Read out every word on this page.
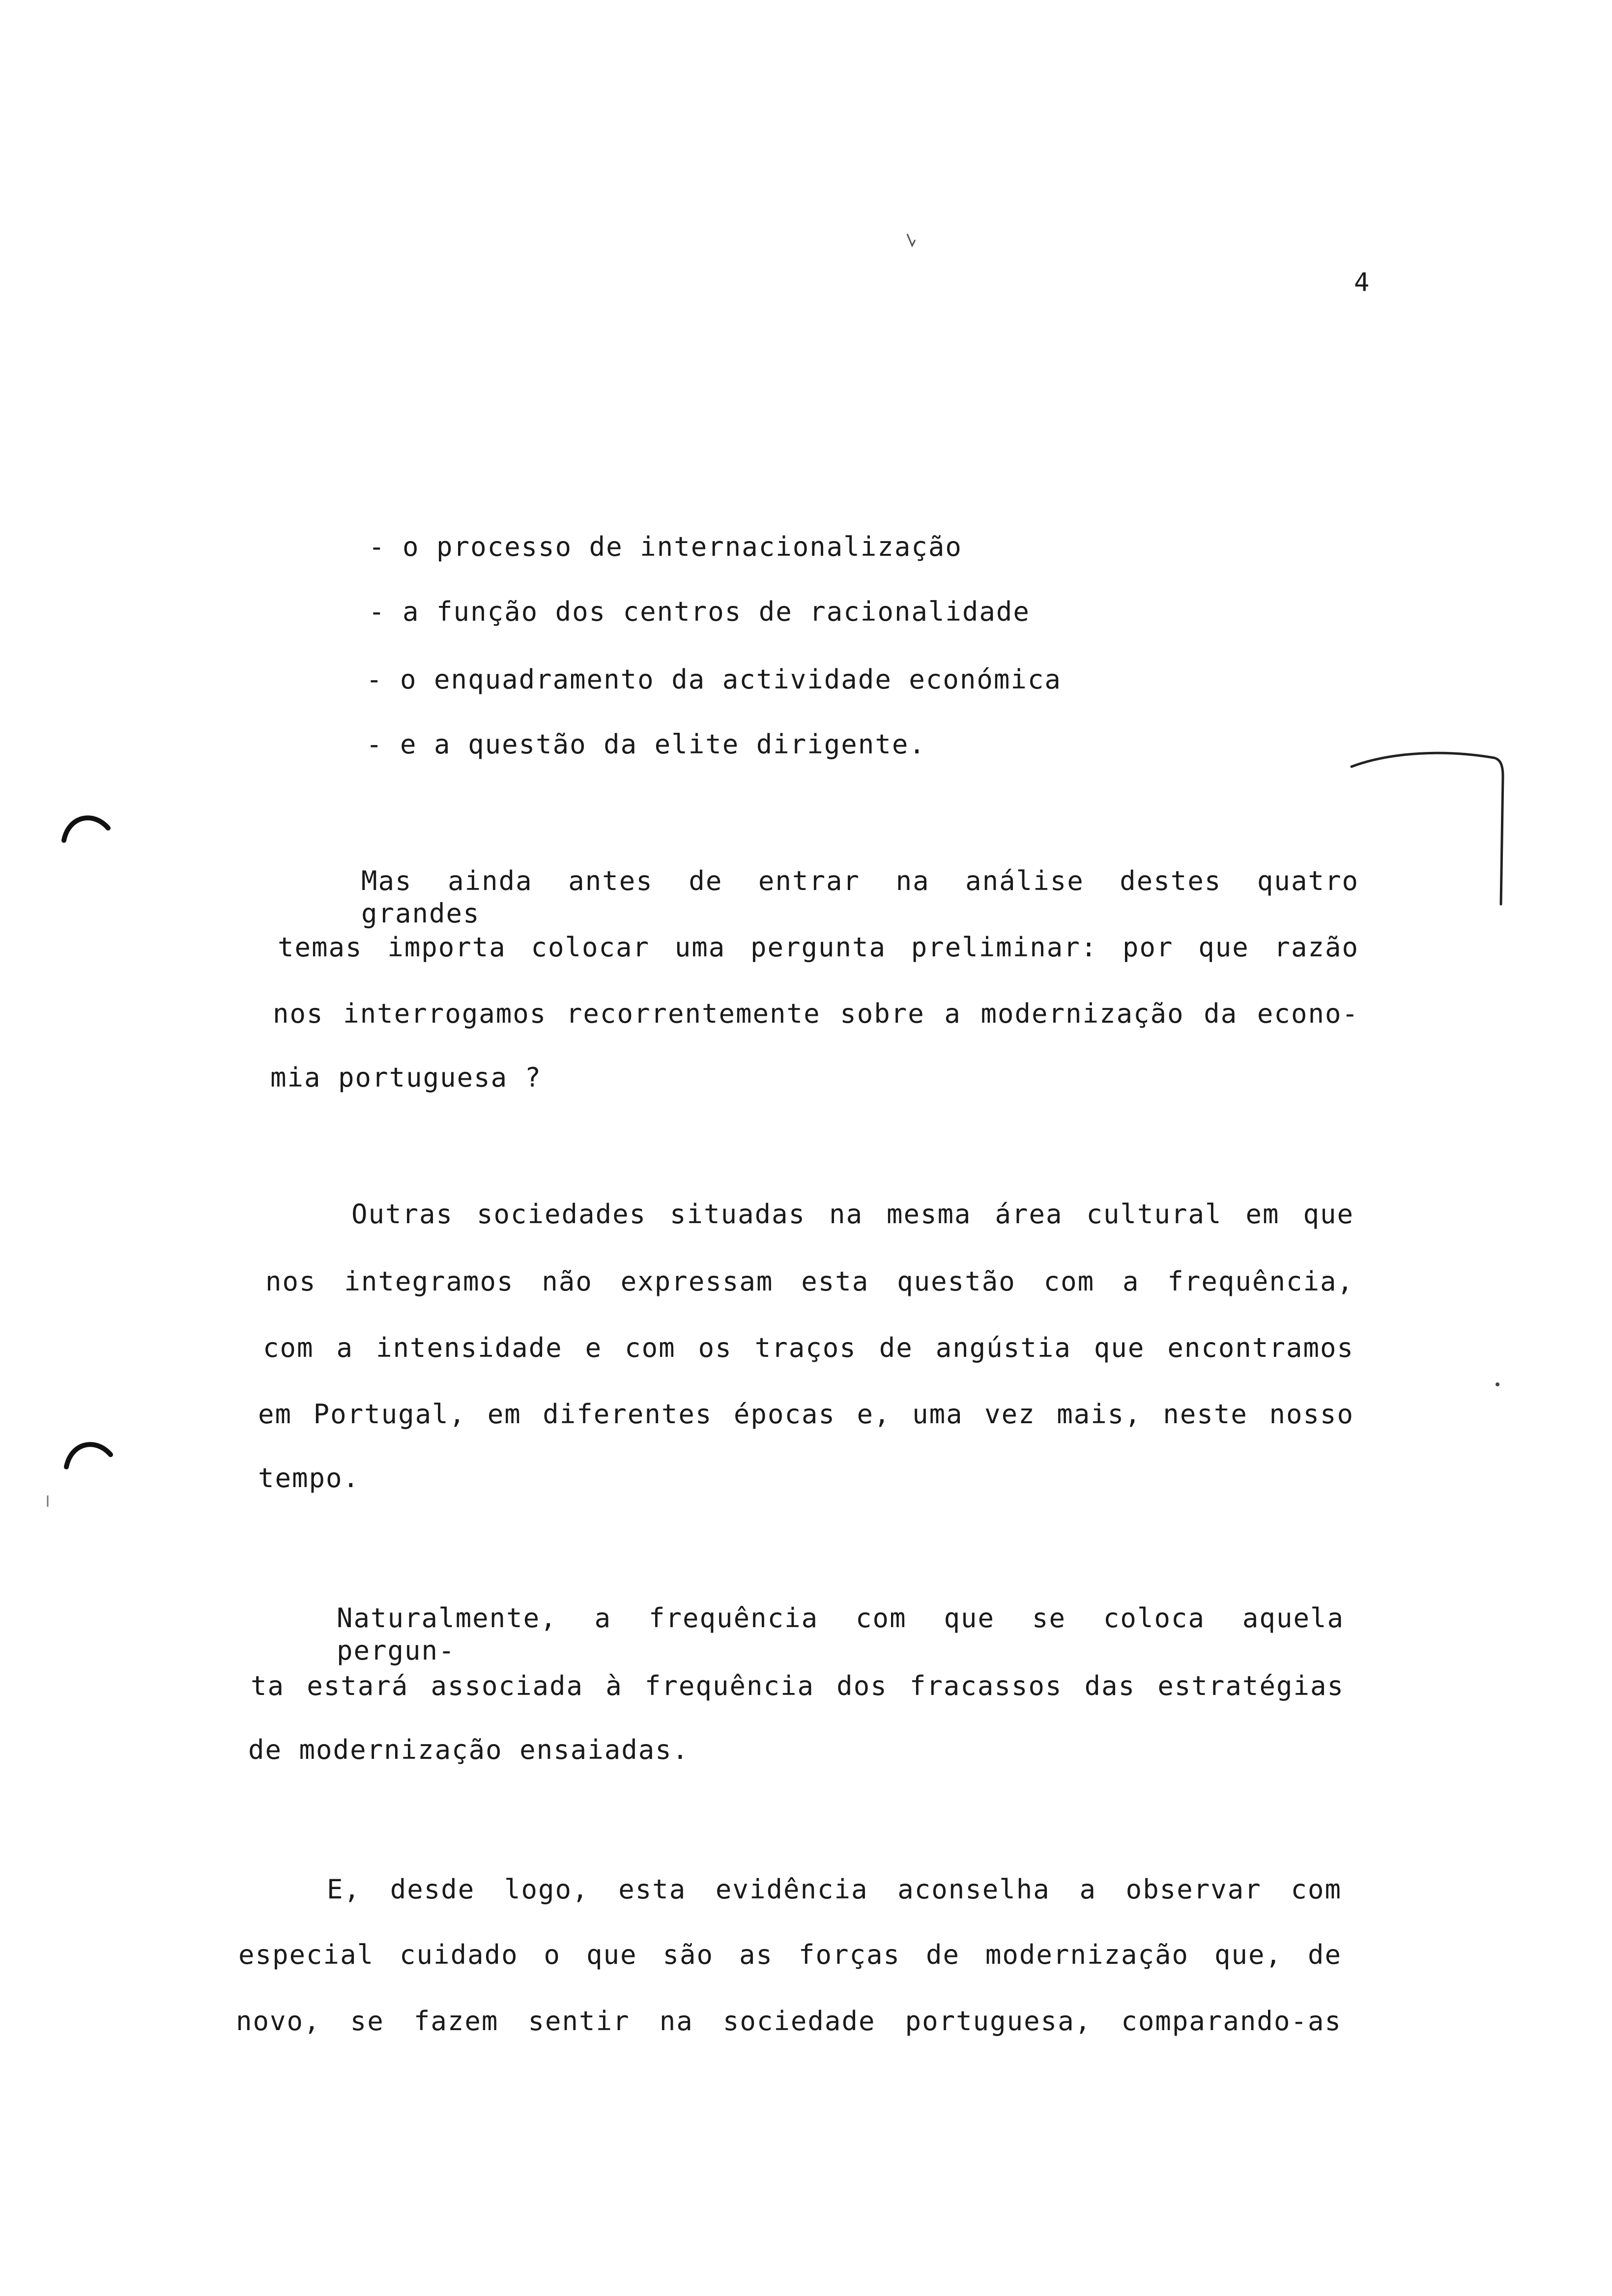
4
- o processo de internacionalização
- a função dos centros de racionalidade
- o enquadramento da actividade económica
- e a questão da elite dirigente.
Mas ainda antes de entrar na análise destes quatro grandes
temas importa colocar uma pergunta preliminar: por que razão
nos interrogamos recorrentemente sobre a modernização da econo-
mia portuguesa ?
Outras sociedades situadas na mesma área cultural em que
nos integramos não expressam esta questão com a frequência,
com a intensidade e com os traços de angústia que encontramos
em Portugal, em diferentes épocas e, uma vez mais, neste nosso
tempo.
Naturalmente, a frequência com que se coloca aquela pergun-
ta estará associada à frequência dos fracassos das estratégias
de modernização ensaiadas.
E, desde logo, esta evidência aconselha a observar com
especial cuidado o que são as forças de modernização que, de
novo, se fazem sentir na sociedade portuguesa, comparando-as
